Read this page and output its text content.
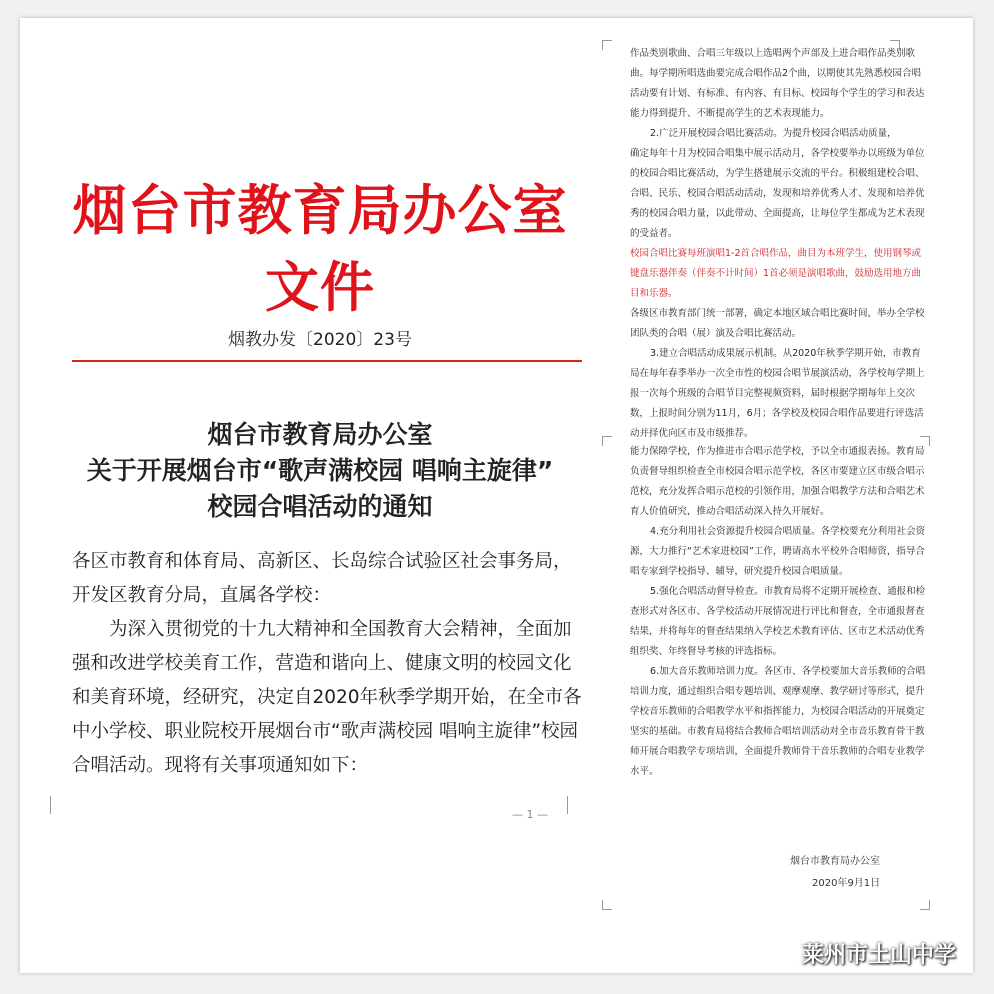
烟台市教育局办公室文件
烟教办发〔2020〕23号
烟台市教育局办公室
关于开展烟台市“歌声满校园 唱响主旋律”
校园合唱活动的通知
各区市教育和体育局、高新区、长岛综合试验区社会事务局，开发区教育分局，直属各学校：
为深入贯彻党的十九大精神和全国教育大会精神，全面加强和改进学校美育工作，营造和谐向上、健康文明的校园文化和美育环境，经研究，决定自2020年秋季学期开始，在全市各中小学校、职业院校开展烟台市“歌声满校园 唱响主旋律”校园合唱活动。现将有关事项通知如下：
— 1 —

作品类别歌曲、合唱三年级以上选唱两个声部及上进合唱作品类别歌曲。每学期所唱选曲要完成合唱作品2个曲，以期使其先熟悉校园合唱活动要有计划、有标准、有内容、有目标、校园每个学生的学习和表达能力得到提升、不断提高学生的艺术表现能力。

2.广泛开展校园合唱比赛活动。为提升校园合唱活动质量，

确定每年十月为校园合唱集中展示活动月，各学校要举办以班级为单位的校园合唱比赛活动，为学生搭建展示交流的平台。积极组建校合唱、合唱、民乐、校园合唱活动活动，发现和培养优秀人才、发现和培养优秀的校园合唱力量，以此带动、全面提高，让每位学生都成为艺术表现的受益者。

校园合唱比赛每班演唱1-2首合唱作品，曲目为本班学生，使用钢琴或键盘乐器伴奏（伴奏不计时间）1首必须是演唱歌曲，鼓励选用地方曲目和乐器。

各级区市教育部门统一部署，确定本地区域合唱比赛时间，举办全学校团队类的合唱（展）演及合唱比赛活动。

3.建立合唱活动成果展示机制。从2020年秋季学期开始，市教育局在每年春季举办一次全市性的校园合唱节展演活动，各学校每学期上报一次每个班级的合唱节目完整视频资料，届时根据学期每年上交次数，上报时间分别为11月，6月；各学校及校园合唱作品要进行评选活动并择优向区市及市级推荐。

能力保障学校，作为推进市合唱示范学校，予以全市通报表扬。教育局负责督导组织检查全市校园合唱示范学校，各区市要建立区市级合唱示范校，充分发挥合唱示范校的引领作用，加强合唱教学方法和合唱艺术育人价值研究，推动合唱活动深入持久开展好。

4.充分利用社会资源提升校园合唱质量。各学校要充分利用社会资源，大力推行“艺术家进校园”工作，聘请高水平校外合唱师资，指导合唱专家到学校指导、辅导，研究提升校园合唱质量。

5.强化合唱活动督导检查。市教育局将不定期开展检查、通报和检查形式对各区市、各学校活动开展情况进行评比和督查，全市通报督查结果，并将每年的督查结果纳入学校艺术教育评估、区市艺术活动优秀组织奖、年终督导考核的评选指标。

6.加大音乐教师培训力度。各区市、各学校要加大音乐教师的合唱培训力度，通过组织合唱专题培训、观摩观摩、教学研讨等形式，提升学校音乐教师的合唱教学水平和指挥能力，为校园合唱活动的开展奠定坚实的基础。市教育局将结合教师合唱培训活动对全市音乐教育骨干教师开展合唱教学专项培训，全面提升教师骨干音乐教师的合唱专业教学水平。

烟台市教育局办公室
2020年9月1日
莱州市土山中学
